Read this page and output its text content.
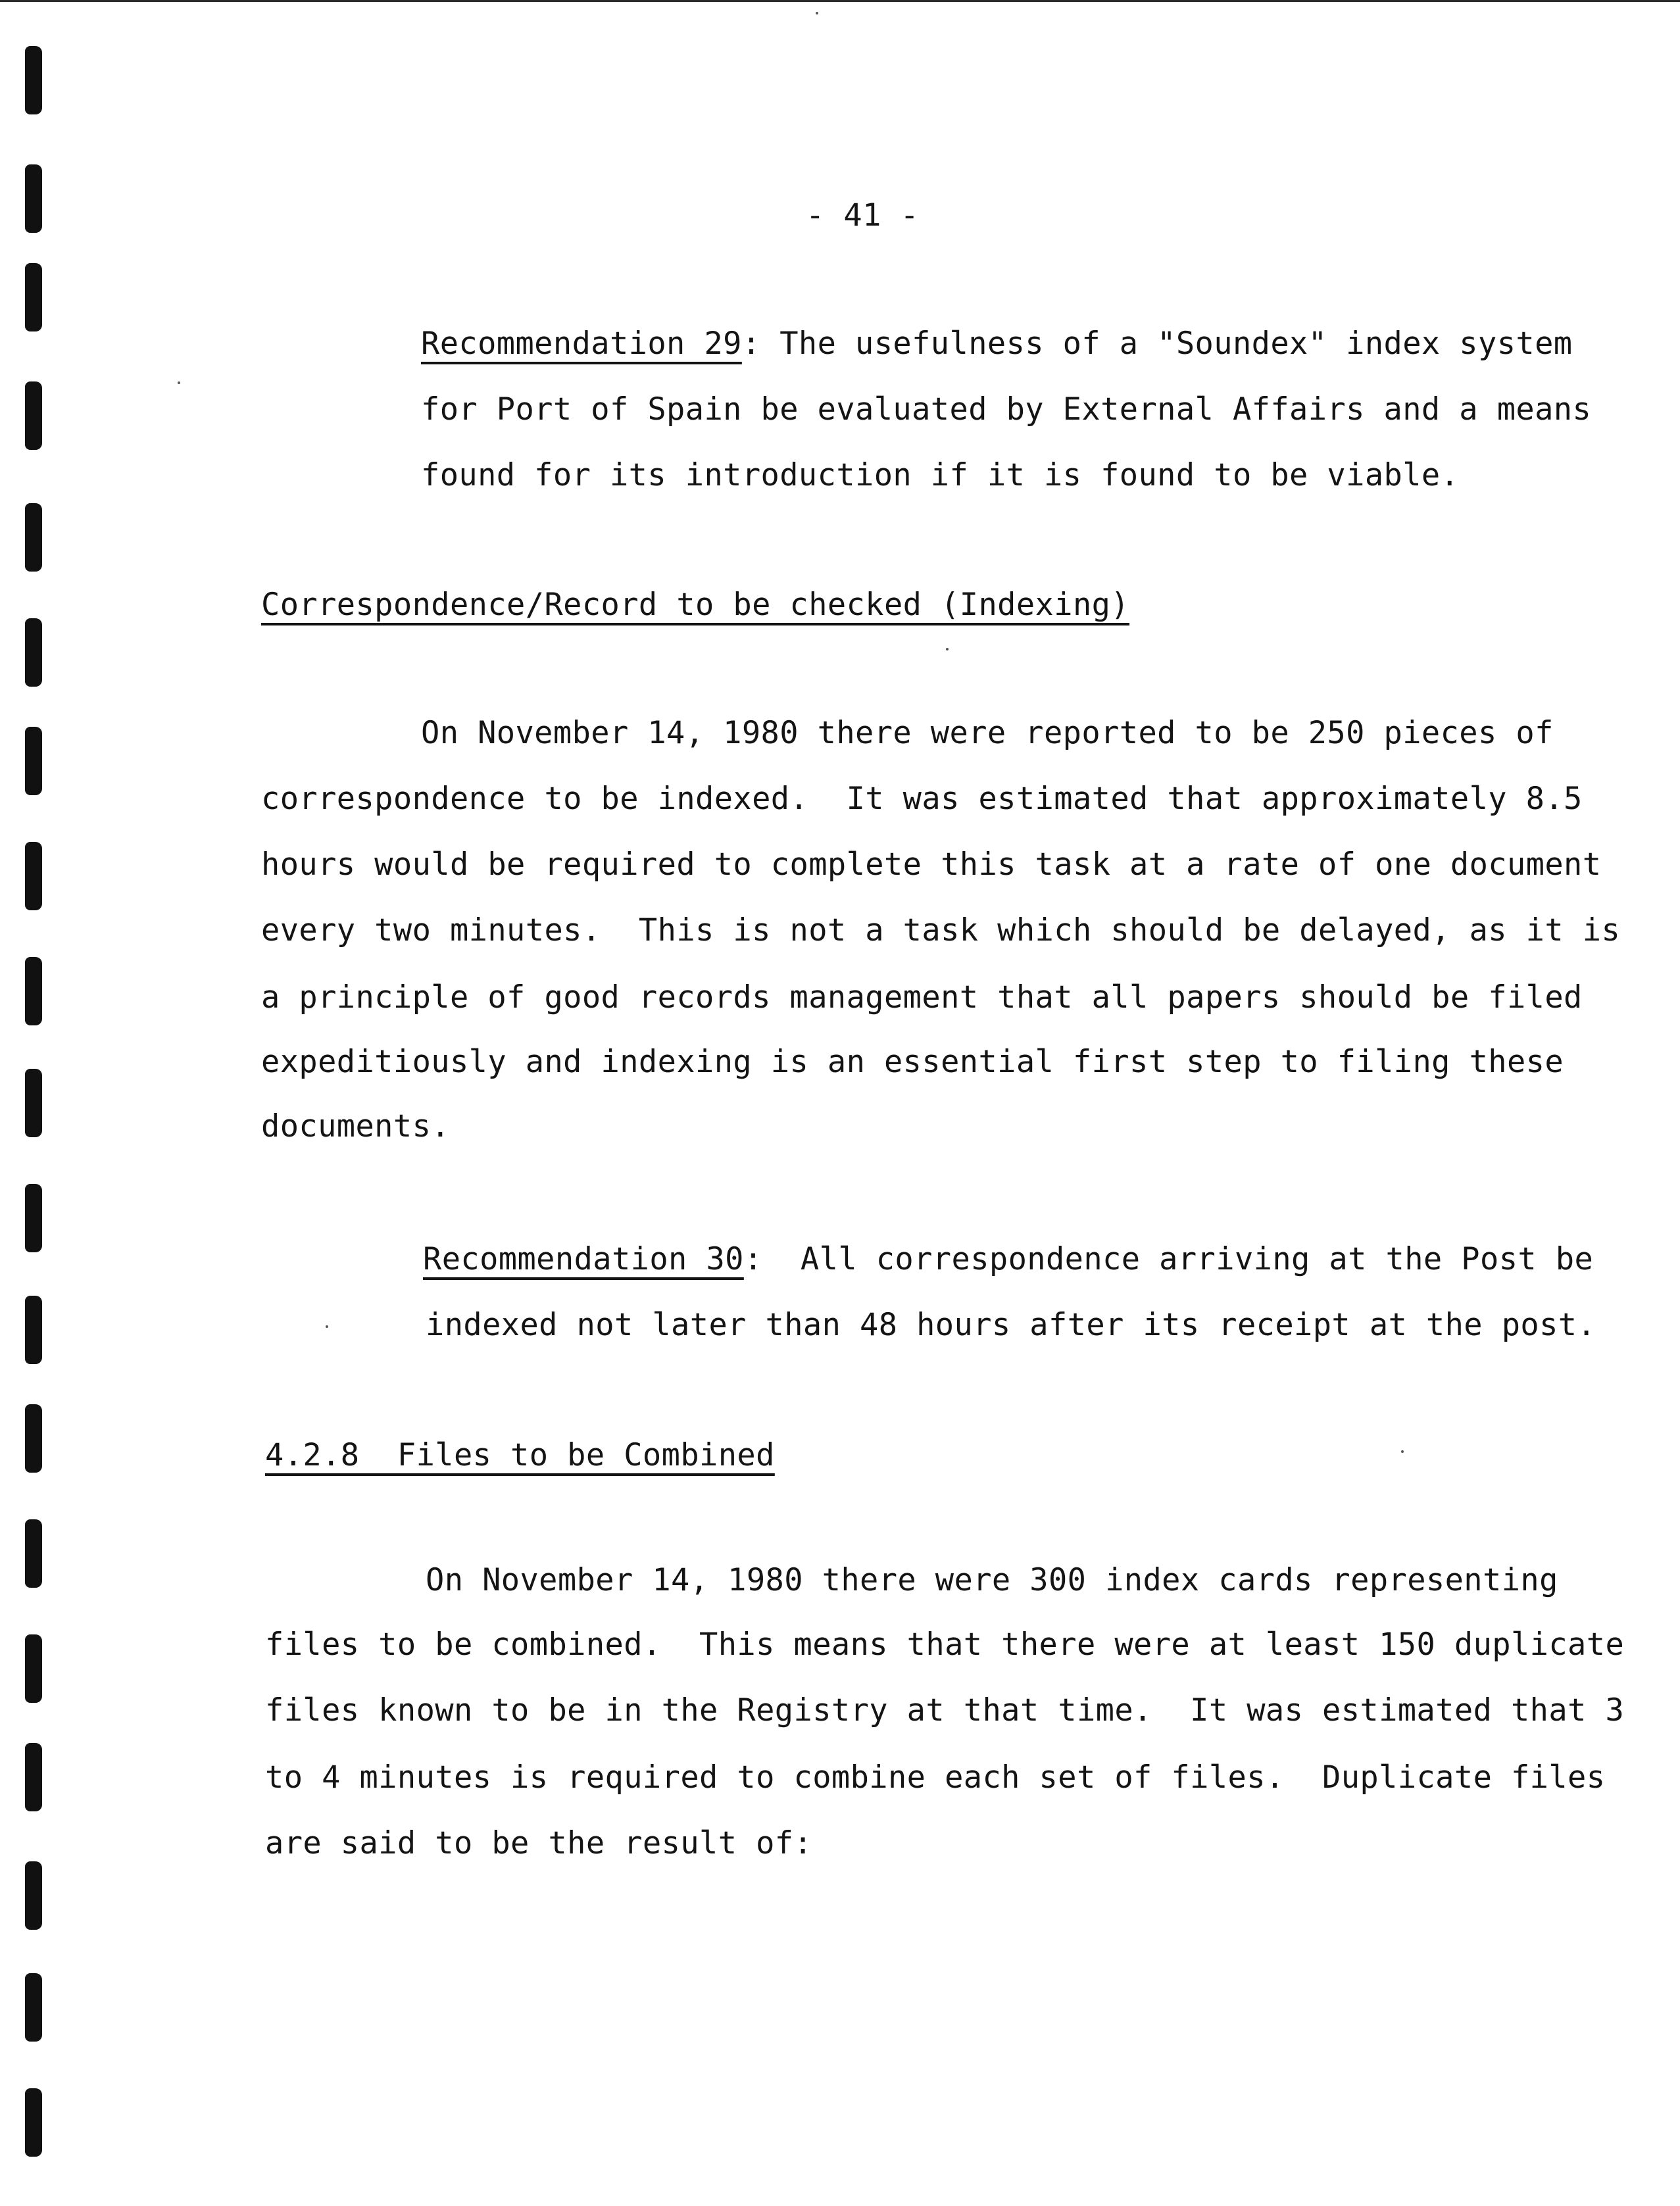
- 41 -
Recommendation 29: The usefulness of a "Soundex" index system
for Port of Spain be evaluated by External Affairs and a means
found for its introduction if it is found to be viable.
Correspondence/Record to be checked (Indexing)
On November 14, 1980 there were reported to be 250 pieces of
correspondence to be indexed.  It was estimated that approximately 8.5
hours would be required to complete this task at a rate of one document
every two minutes.  This is not a task which should be delayed, as it is
a principle of good records management that all papers should be filed
expeditiously and indexing is an essential first step to filing these
documents.
Recommendation 30:  All correspondence arriving at the Post be
indexed not later than 48 hours after its receipt at the post.
4.2.8  Files to be Combined
On November 14, 1980 there were 300 index cards representing
files to be combined.  This means that there were at least 150 duplicate
files known to be in the Registry at that time.  It was estimated that 3
to 4 minutes is required to combine each set of files.  Duplicate files
are said to be the result of:
